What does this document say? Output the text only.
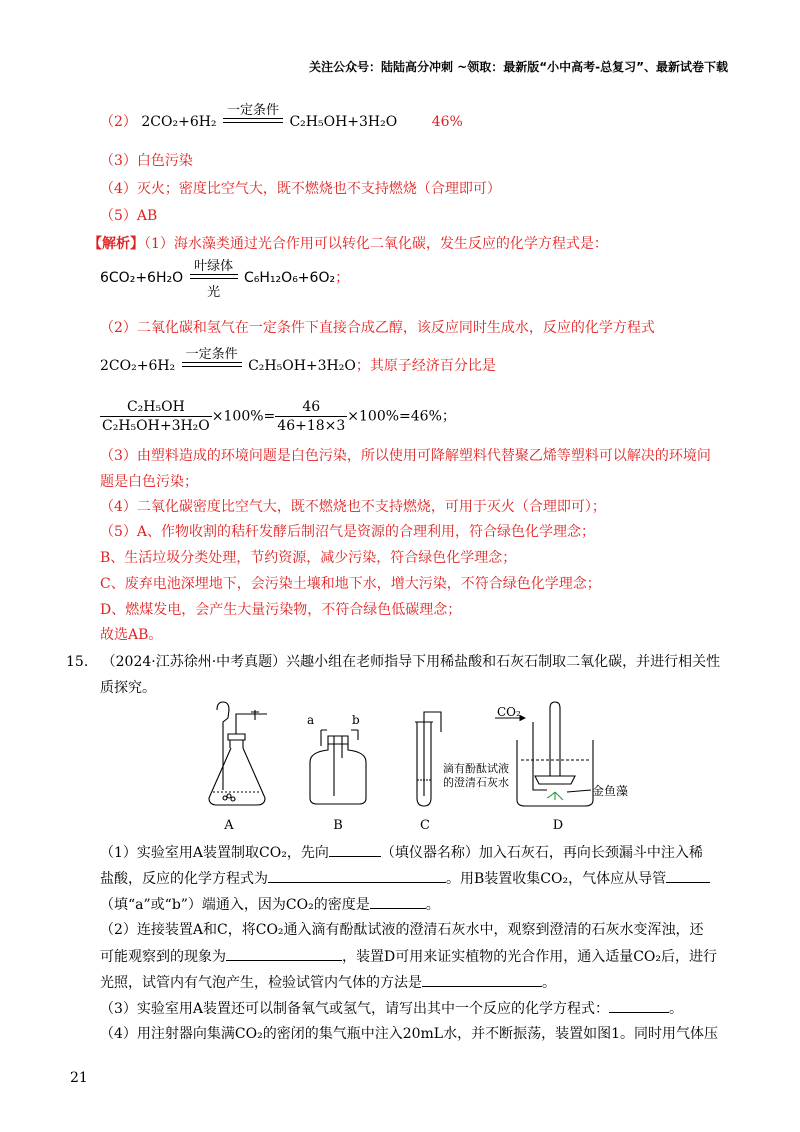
关注公众号：陆陆高分冲刺 ~领取：最新版“小中高考-总复习”、最新试卷下载
（2） 2CO₂+6H₂
一定条件
C₂H₅OH+3H₂O 46%
（3）白色污染
（4）灭火；密度比空气大，既不燃烧也不支持燃烧（合理即可）
（5）AB
【解析】（1）海水藻类通过光合作用可以转化二氧化碳，发生反应的化学方程式是：
6CO₂+6H₂O
叶绿体
光
C₆H₁₂O₆+6O₂；
（2）二氧化碳和氢气在一定条件下直接合成乙醇，该反应同时生成水，反应的化学方程式
2CO₂+6H₂
一定条件
C₂H₅OH+3H₂O；其原子经济百分比是
$\frac{\text{C₂H₅OH}}{\text{C₂H₅OH+3H₂O}} \times 100\%= \frac{46}{46+18\times 3} \times 100\%=46\%$；
（3）由塑料造成的环境问题是白色污染，所以使用可降解塑料代替聚乙烯等塑料可以解决的环境问
题是白色污染；
（4）二氧化碳密度比空气大，既不燃烧也不支持燃烧，可用于灭火（合理即可）；
（5）A、作物收割的秸秆发酵后制沼气是资源的合理利用，符合绿色化学理念；
B、生活垃圾分类处理，节约资源，减少污染，符合绿色化学理念；
C、废弃电池深埋地下，会污染土壤和地下水，增大污染，不符合绿色化学理念；
D、燃煤发电，会产生大量污染物，不符合绿色低碳理念；
故选AB。
15. （2024·江苏徐州·中考真题）兴趣小组在老师指导下用稀盐酸和石灰石制取二氧化碳，并进行相关性
质探究。
a	b
滴有酚酞试液
的澄清石灰水
CO₂
金鱼藻
A	B	C	D
（1）实验室用A装置制取CO₂，先向	（填仪器名称）加入石灰石，再向长颈漏斗中注入稀
盐酸，反应的化学方程式为	。用B装置收集CO₂，气体应从导管
（填“a”或“b”）端通入，因为CO₂的密度是	。
（2）连接装置A和C，将CO₂通入滴有酚酞试液的澄清石灰水中，观察到澄清的石灰水变浑浊，还
可能观察到的现象为	，装置D可用来证实植物的光合作用，通入适量CO₂后，进行
光照，试管内有气泡产生，检验试管内气体的方法是	。
（3）实验室用A装置还可以制备氧气或氢气，请写出其中一个反应的化学方程式：	。
（4）用注射器向集满CO₂的密闭的集气瓶中注入20mL水，并不断振荡，装置如图1。同时用气体压
21
